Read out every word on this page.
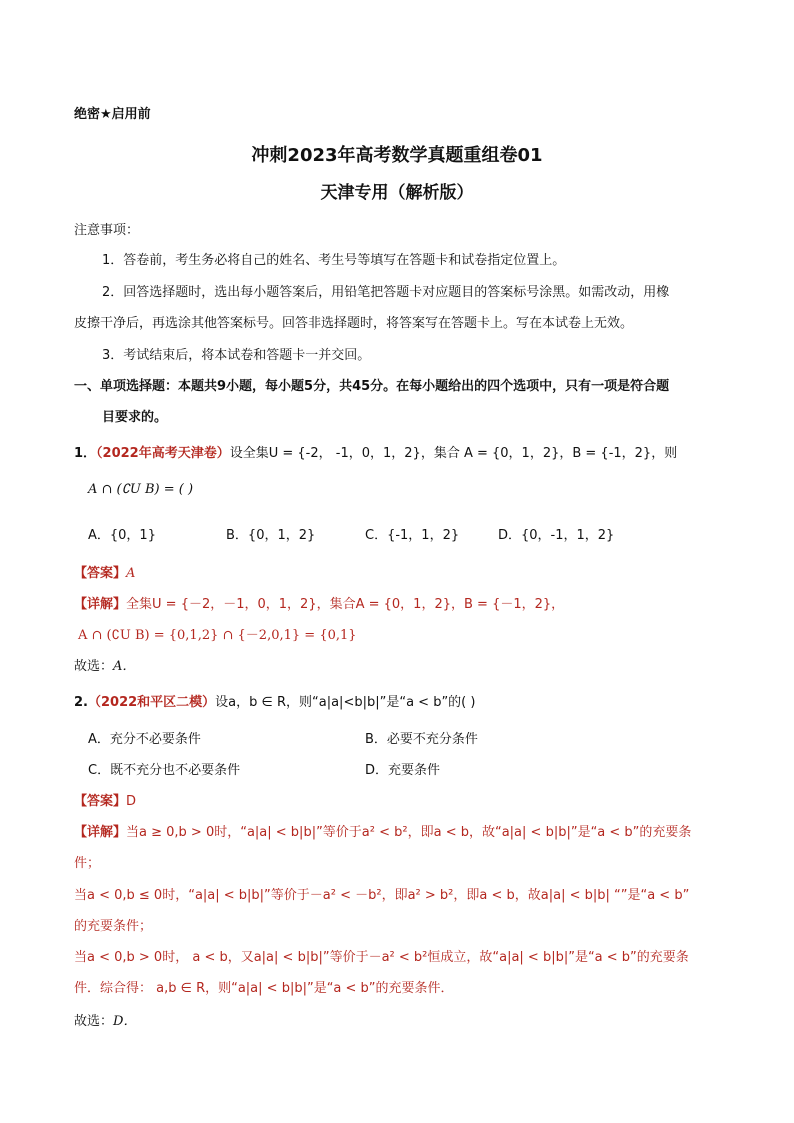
绝密★启用前
冲刺2023年高考数学真题重组卷01
天津专用（解析版）
注意事项：
1．答卷前，考生务必将自己的姓名、考生号等填写在答题卡和试卷指定位置上。
2．回答选择题时，选出每小题答案后，用铅笔把答题卡对应题目的答案标号涂黑。如需改动，用橡
皮擦干净后，再选涂其他答案标号。回答非选择题时，将答案写在答题卡上。写在本试卷上无效。
3．考试结束后，将本试卷和答题卡一并交回。
一、单项选择题：本题共9小题，每小题5分，共45分。在每小题给出的四个选项中，只有一项是符合题
目要求的。
1．（2022年高考天津卷）设全集U = {-2， -1，0，1，2}，集合 A = {0，1，2}，B = {-1，2}，则
A ∩ (∁U B) = ( )
A．{0，1}	B．{0，1，2}	C．{-1，1，2}	D．{0，-1，1，2}
【答案】A
【详解】全集U = {－2，－1，0，1，2}，集合A = {0，1，2}，B = {－1，2}，
A ∩ (∁U B) = {0,1,2} ∩ {－2,0,1} = {0,1}
故选：A．
2.（2022和平区二模）设a，b ∈ R，则“a|a|<b|b|”是“a < b”的( )
A．充分不必要条件	B．必要不充分条件
C．既不充分也不必要条件	D．充要条件
【答案】D
【详解】当a ≥ 0,b > 0时，“a|a| < b|b|”等价于a² < b²，即a < b，故“a|a| < b|b|”是“a < b”的充要条
件；
当a < 0,b ≤ 0时，“a|a| < b|b|”等价于－a² < －b²，即a² > b²，即a < b，故a|a| < b|b| “”是“a < b”
的充要条件；
当a < 0,b > 0时， a < b，又a|a| < b|b|”等价于－a² < b²恒成立，故“a|a| < b|b|”是“a < b”的充要条
件．综合得： a,b ∈ R，则“a|a| < b|b|”是“a < b”的充要条件．
故选：D．
